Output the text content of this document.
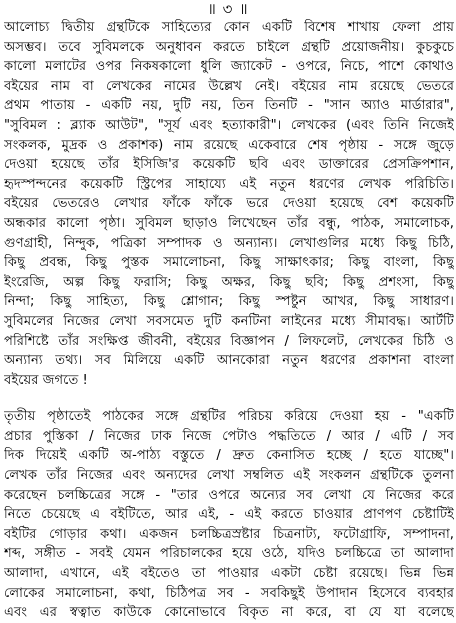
॥ ৩ ॥
আলোচ্য দ্বিতীয় গ্রন্থটিকে সাহিত্যের কোন একটি বিশেষ শাখায় ফেলা প্রায়
অসম্ভব। তবে সুবিমলকে অনুধাবন করতে চাইলে গ্রন্থটি প্রয়োজনীয়। কুচকুচে
কালো মলাটের ওপর নিকষকালো ধুলি জ্যাকেট - ওপরে, নিচে, পাশে কোথাও
বইয়ের নাম বা লেখকের নামের উল্লেখ নেই। বইয়ের নাম রয়েছে ভেতরে
প্রথম পাতায় - একটি নয়, দুটি নয়, তিন তিনটি - "সান অ্যাও মার্ডারার",
"সুবিমল : ব্ল্যাক আউট", "সূর্য এবং হত্যাকারী"। লেখকের (এবং তিনি নিজেই
সংকলক, মুদ্রক ও প্রকাশক) নাম রয়েছে একেবারে শেষ পৃষ্ঠায় - সঙ্গে জুড়ে
দেওয়া হয়েছে তাঁর ইসিজি'র কয়েকটি ছবি এবং ডাক্তারের প্রেসক্রিপশান,
হৃদস্পন্দনের কয়েকটি স্ট্রিপের সাহায্যে এই নতুন ধরণের লেখক পরিচিতি।
বইয়ের ভেতরেও লেখার ফাঁকে ফাঁকে ভরে দেওয়া হয়েছে বেশ কয়েকটি
অন্ধকার কালো পৃষ্ঠা। সুবিমল ছাড়াও লিখেছেন তাঁর বন্ধু, পাঠক, সমালোচক,
গুণগ্রাহী, নিন্দুক, পত্রিকা সম্পাদক ও অন্যান্য। লেখাগুলির মধ্যে কিছু চিঠি,
কিছু প্রবন্ধ, কিছু পুস্তক সমালোচনা, কিছু সাক্ষাৎকার; কিছু বাংলা, কিছু
ইংরেজি, অল্প কিছু ফরাসি; কিছু অক্ষর, কিছু ছবি; কিছু প্রশংসা, কিছু
নিন্দা; কিছু সাহিত্য, কিছু শ্লোগান; কিছু স্পষ্টুন আখর, কিছু সাধারণ।
সুবিমলের নিজের লেখা সবসমেত দুটি কনটিনা লাইনের মধ্যে সীমাবদ্ধ। আর্টটি
পরিশিষ্টে তাঁর সংক্ষিপ্ত জীবনী, বইয়ের বিজ্ঞাপন / লিফলেট, লেখকের চিঠি ও
অন্যান্য তথ্য। সব মিলিয়ে একটি আনকোরা নতুন ধরণের প্রকাশনা বাংলা
বইয়ের জগতে !
তৃতীয় পৃষ্ঠাতেই পাঠকের সঙ্গে গ্রন্থটির পরিচয় করিয়ে দেওয়া হয় - "একটি
প্রচার পুস্তিকা / নিজের ঢাক নিজে পেটাও পদ্ধতিতে / আর / এটি / সব
দিক দিয়েই একটি অ-পাঠ্য বস্তুতে / দ্রুত কেনাসিত হচ্ছে / হতে যাচ্ছে"।
লেখক তাঁর নিজের এবং অন্যদের লেখা সম্বলিত এই সংকলন গ্রন্থটিকে তুলনা
করেছেন চলচ্চিত্রের সঙ্গে - "তার ওপরে অন্যের সব লেখা যে নিজের করে
নিতে চেয়েছে এ বইটিতে, আর এই, - এই করতে চাওয়ার প্রাণপণ চেষ্টাটিই
বইটির গোড়ার কথা। একজন চলচ্চিত্রস্রষ্টার চিত্রনাট্য, ফটোগ্রাফি, সম্পাদনা,
শব্দ, সঙ্গীত - সবই যেমন পরিচালকের হয়ে ওঠে, যদিও চলচ্চিত্রে তা আলাদা
আলাদা, এখানে, এই বইতেও তা পাওয়ার একটা চেষ্টা রয়েছে। ভিন্ন ভিন্ন
লোকের সমালোচনা, কথা, চিঠিপত্র সব - সবকিছুই উপাদান হিসেবে ব্যবহার
এবং এর স্বত্বাত কাউকে কোনোভাবে বিকৃত না করে, বা যে যা বলেছে
